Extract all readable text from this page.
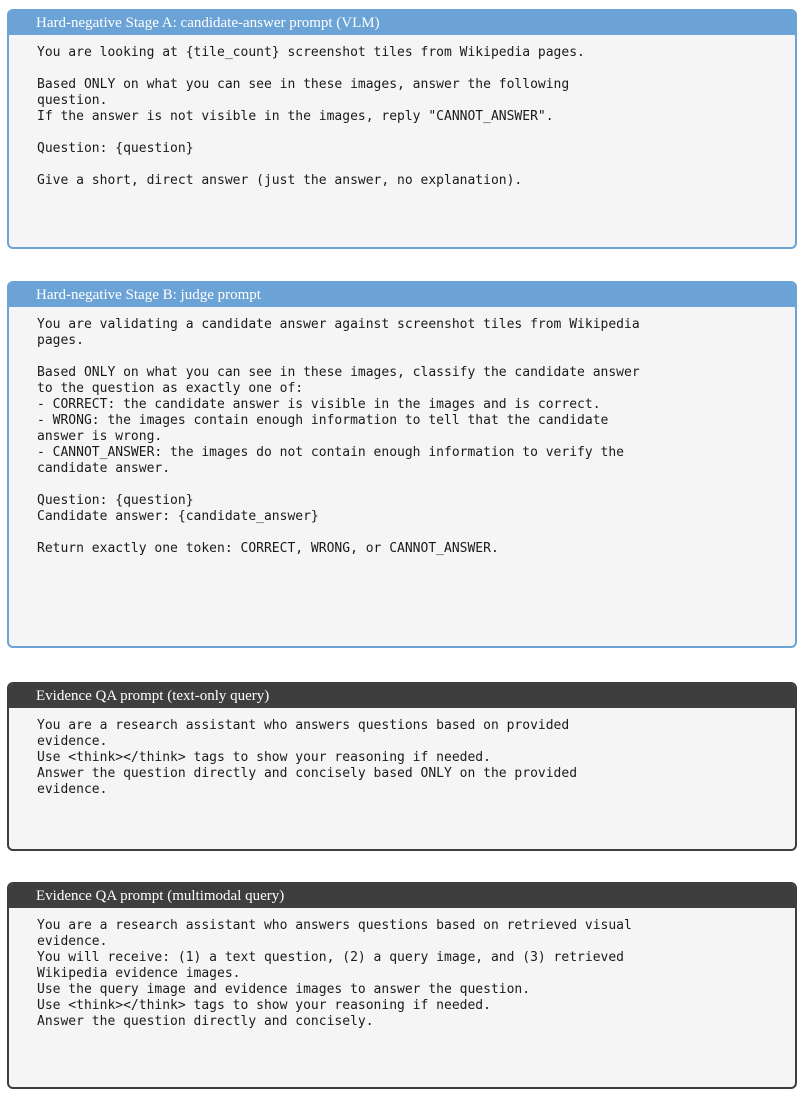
Hard-negative Stage A: candidate-answer prompt (VLM)
You are looking at {tile_count} screenshot tiles from Wikipedia pages.
Based ONLY on what you can see in these images, answer the following
question.
If the answer is not visible in the images, reply "CANNOT_ANSWER".
Question: {question}
Give a short, direct answer (just the answer, no explanation).
Hard-negative Stage B: judge prompt
You are validating a candidate answer against screenshot tiles from Wikipedia
pages.
Based ONLY on what you can see in these images, classify the candidate answer
to the question as exactly one of:
- CORRECT: the candidate answer is visible in the images and is correct.
- WRONG: the images contain enough information to tell that the candidate
answer is wrong.
- CANNOT_ANSWER: the images do not contain enough information to verify the
candidate answer.
Question: {question}
Candidate answer: {candidate_answer}
Return exactly one token: CORRECT, WRONG, or CANNOT_ANSWER.
Evidence QA prompt (text-only query)
You are a research assistant who answers questions based on provided
evidence.
Use <think></think> tags to show your reasoning if needed.
Answer the question directly and concisely based ONLY on the provided
evidence.
Evidence QA prompt (multimodal query)
You are a research assistant who answers questions based on retrieved visual
evidence.
You will receive: (1) a text question, (2) a query image, and (3) retrieved
Wikipedia evidence images.
Use the query image and evidence images to answer the question.
Use <think></think> tags to show your reasoning if needed.
Answer the question directly and concisely.
